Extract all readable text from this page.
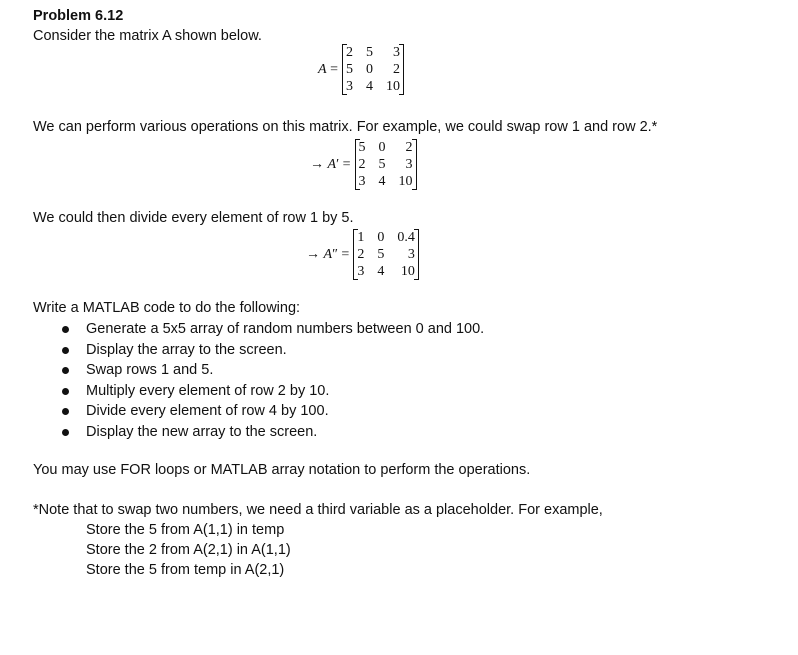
Problem 6.12
Consider the matrix A shown below.
A =
2 5	3
5 0	2
3 4 10
We can perform various operations on this matrix. For example, we could swap row 1 and row 2.*
→ A′ =
5 0	2
2 5	3
3 4 10
We could then divide every element of row 1 by 5.
→ A″ =
1 0 0.4
2 5	3
3 4 10
Write a MATLAB code to do the following:
Generate a 5x5 array of random numbers between 0 and 100.
Display the array to the screen.
Swap rows 1 and 5.
Multiply every element of row 2 by 10.
Divide every element of row 4 by 100.
Display the new array to the screen.
You may use FOR loops or MATLAB array notation to perform the operations.
*Note that to swap two numbers, we need a third variable as a placeholder. For example,
Store the 5 from A(1,1) in temp
Store the 2 from A(2,1) in A(1,1)
Store the 5 from temp in A(2,1)
